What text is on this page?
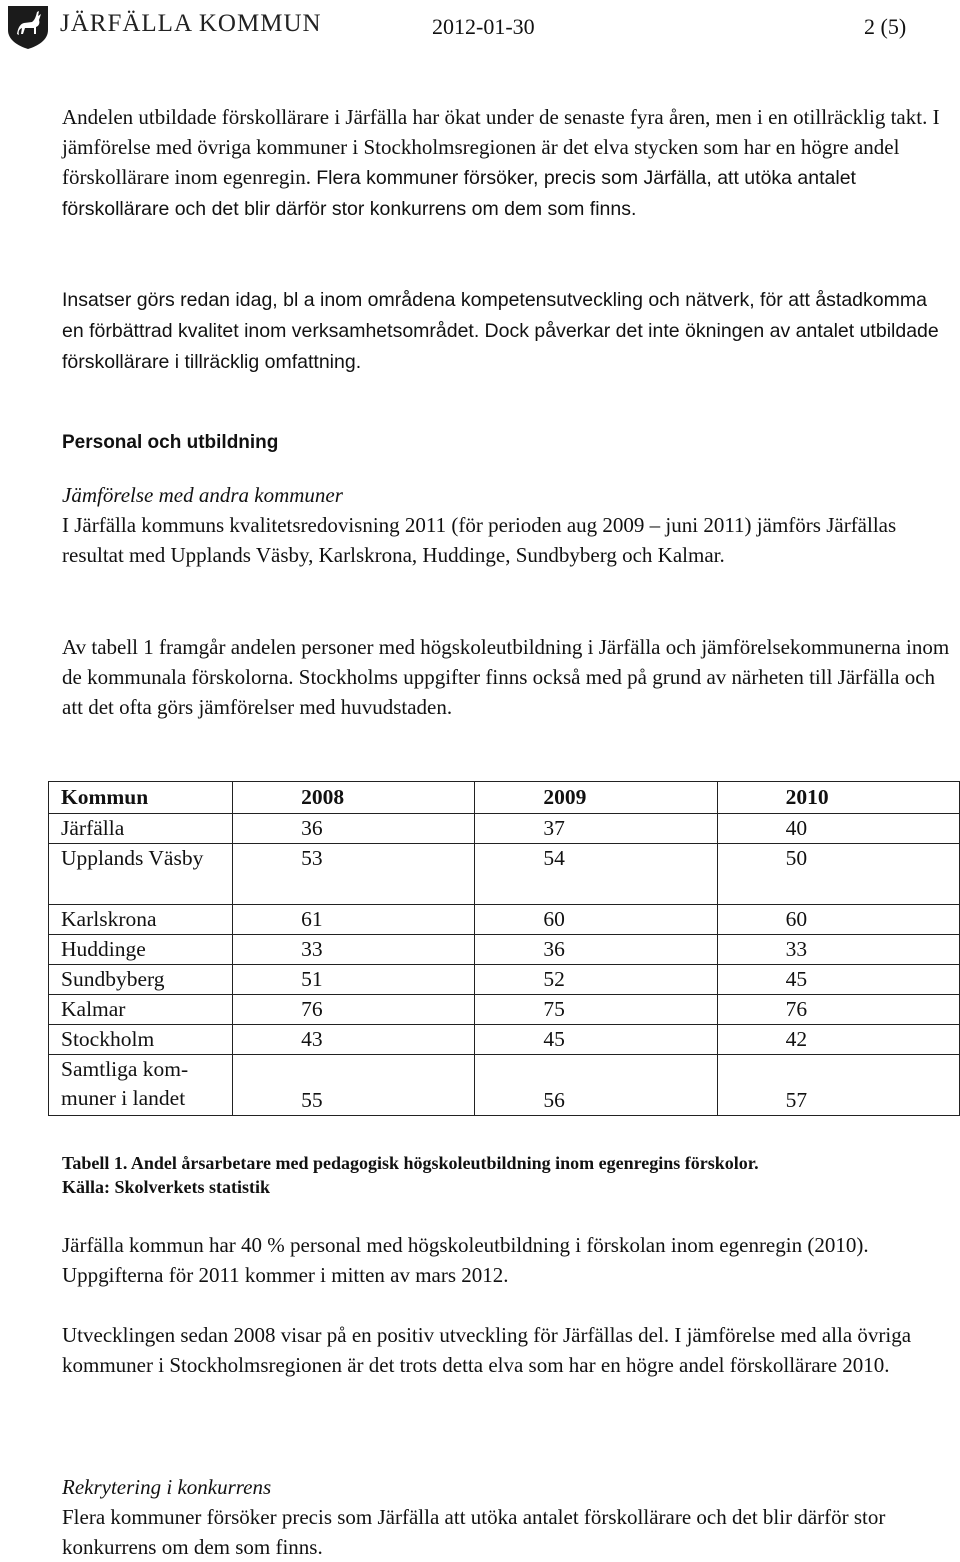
JÄRFÄLLA KOMMUN	2012-01-30	2 (5)

Andelen utbildade förskollärare i Järfälla har ökat under de senaste fyra åren, men i en otillräcklig takt. I jämförelse med övriga kommuner i Stockholmsregionen är det elva stycken som har en högre andel förskollärare inom egenregin. Flera kommuner försöker, precis som Järfälla, att utöka antalet förskollärare och det blir därför stor konkurrens om dem som finns.

Insatser görs redan idag, bl a inom områdena kompetensutveckling och nätverk, för att åstadkomma en förbättrad kvalitet inom verksamhetsområdet. Dock påverkar det inte ökningen av antalet utbildade förskollärare i tillräcklig omfattning.

Personal och utbildning

Jämförelse med andra kommuner
I Järfälla kommuns kvalitetsredovisning 2011 (för perioden aug 2009 – juni 2011) jämförs Järfällas resultat med Upplands Väsby, Karlskrona, Huddinge, Sundbyberg och Kalmar.

Av tabell 1 framgår andelen personer med högskoleutbildning i Järfälla och jämförelsekommunerna inom de kommunala förskolorna. Stockholms uppgifter finns också med på grund av närheten till Järfälla och att det ofta görs jämförelser med huvudstaden.

Kommun	2008	2009	2010
Järfälla	36	37	40
Upplands Väsby	53	54	50
Karlskrona	61	60	60
Huddinge	33	36	33
Sundbyberg	51	52	45
Kalmar	76	75	76
Stockholm	43	45	42
Samtliga kom-muner i landet	55	56	57

Tabell 1. Andel årsarbetare med pedagogisk högskoleutbildning inom egenregins förskolor.
Källa: Skolverkets statistik

Järfälla kommun har 40 % personal med högskoleutbildning i förskolan inom egenregin (2010). Uppgifterna för 2011 kommer i mitten av mars 2012.

Utvecklingen sedan 2008 visar på en positiv utveckling för Järfällas del. I jämförelse med alla övriga kommuner i Stockholmsregionen är det trots detta elva som har en högre andel förskollärare 2010.

Rekrytering i konkurrens
Flera kommuner försöker precis som Järfälla att utöka antalet förskollärare och det blir därför stor konkurrens om dem som finns.
